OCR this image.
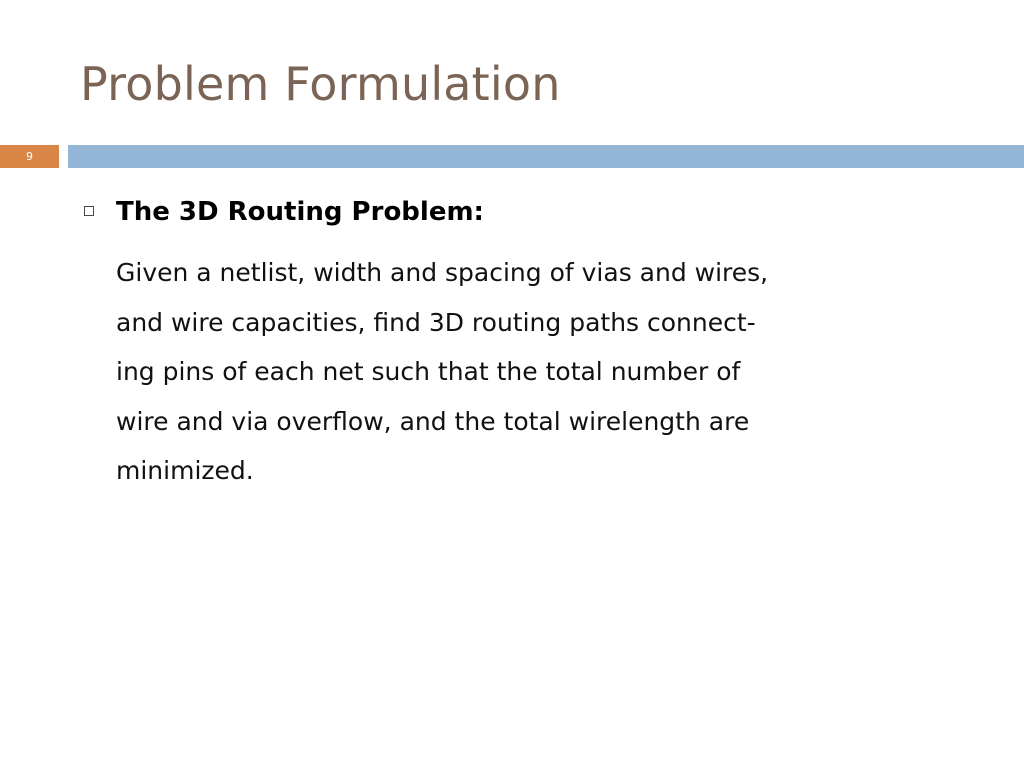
Problem Formulation
9

The 3D Routing Problem:

Given a netlist, width and spacing of vias and wires,
and wire capacities, find 3D routing paths connect-
ing pins of each net such that the total number of
wire and via overflow, and the total wirelength are
minimized.
